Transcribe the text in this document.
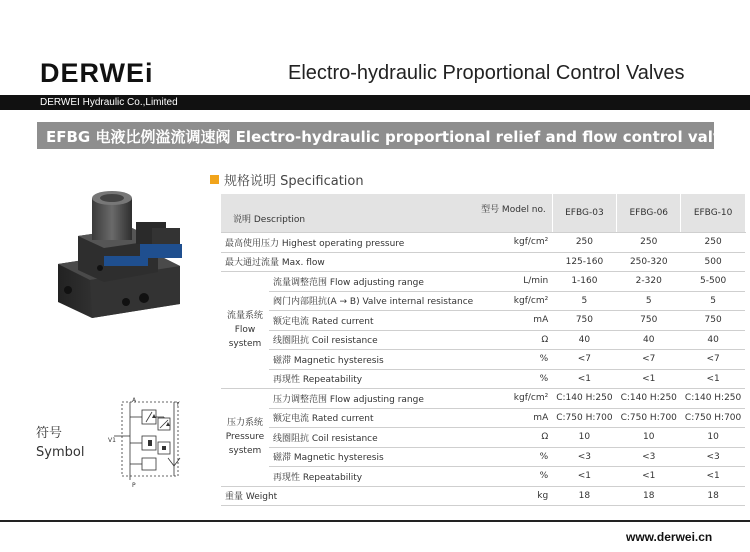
DERWEi	Electro-hydraulic Proportional Control Valves
DERWEI Hydraulic Co.,Limited
EFBG 电液比例溢流调速阀 Electro-hydraulic proportional relief and flow control valves
规格说明 Specification
A
Y
V1
P
符号
Symbol
型号 Model no.
说明 Description			EFBG-03	EFBG-06	EFBG-10
最高使用压力 Highest operating pressure		kgf/cm²	250	250	250
最大通过流量 Max. flow			125-160	250-320	500

流量系统
Flow
system	流量调整范围 Flow adjusting range	L/min	1-160	2-320	5-500
	阀门内部阻抗(A → B) Valve internal resistance	kgf/cm²	5	5	5
	额定电流 Rated current	mA	750	750	750
	线圈阻抗 Coil resistance	Ω	40	40	40
	磁滞 Magnetic hysteresis	%	<7	<7	<7
	再现性 Repeatability	%	<1	<1	<1

压力系统
Pressure
system	压力调整范围 Flow adjusting range	kgf/cm²	C:140 H:250	C:140 H:250	C:140 H:250
	额定电流 Rated current	mA	C:750 H:700	C:750 H:700	C:750 H:700
	线圈阻抗 Coil resistance	Ω	10	10	10
	磁滞 Magnetic hysteresis	%	<3	<3	<3
	再现性 Repeatability	%	<1	<1	<1
重量 Weight		kg	18	18	18
www.derwei.cn
